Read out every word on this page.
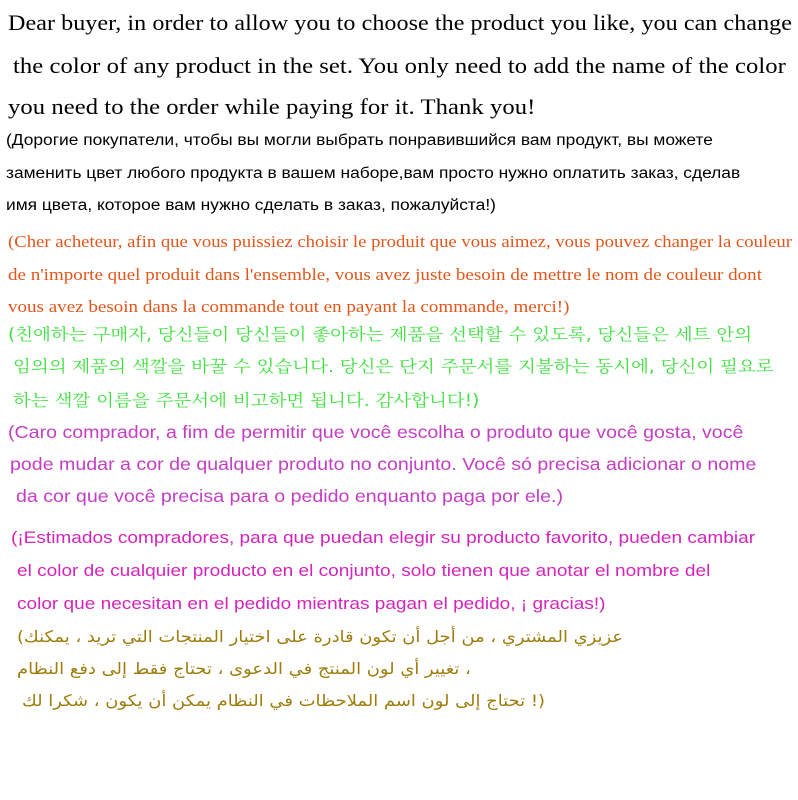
Dear buyer, in order to allow you to choose the product you like, you can change
the color of any product in the set. You only need to add the name of the color
you need to the order while paying for it. Thank you!
(Дорогие покупатели, чтобы вы могли выбрать понравившийся вам продукт, вы можете
заменить цвет любого продукта в вашем наборе,вам просто нужно оплатить заказ, сделав
имя цвета, которое вам нужно сделать в заказ, пожалуйста!)
(Cher acheteur, afin que vous puissiez choisir le produit que vous aimez, vous pouvez changer la couleur
de n'importe quel produit dans l'ensemble, vous avez juste besoin de mettre le nom de couleur dont
vous avez besoin dans la commande tout en payant la commande, merci!)
(친애하는 구매자, 당신들이 당신들이 좋아하는 제품을 선택할 수 있도록, 당신들은 세트 안의
임의의 제품의 색깔을 바꿀 수 있습니다. 당신은 단지 주문서를 지불하는 동시에, 당신이 필요로
하는 색깔 이름을 주문서에 비고하면 됩니다. 감사합니다!)
(Caro comprador, a fim de permitir que você escolha o produto que você gosta, você
pode mudar a cor de qualquer produto no conjunto. Você só precisa adicionar o nome
da cor que você precisa para o pedido enquanto paga por ele.)
(¡Estimados compradores, para que puedan elegir su producto favorito, pueden cambiar
el color de cualquier producto en el conjunto, solo tienen que anotar el nombre del
color que necesitan en el pedido mientras pagan el pedido, ¡ gracias!)
(عزيزي المشتري ، من أجل أن تكون قادرة على اختيار المنتجات التي تريد ، يمكنك
تغيير أي لون المنتج في الدعوى ، تحتاج فقط إلى دفع النظام ،
تحتاج إلى لون اسم الملاحظات في النظام يمكن أن يكون ، شكرا لك !)
